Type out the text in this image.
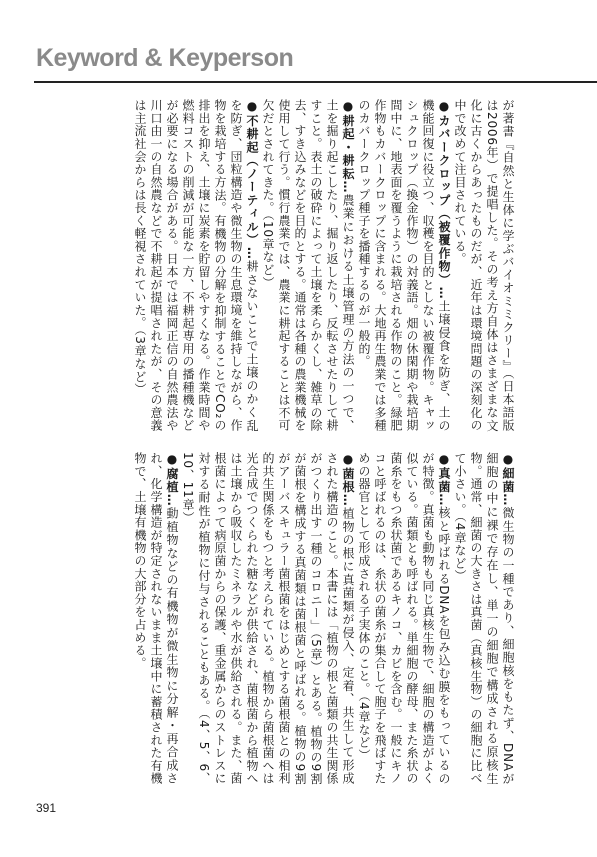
Keyword & Keyperson

が著書『自然と生体に学ぶバイオミミクリー』（日本語版は2006年）で提唱した。その考え方自体はさまざまな文化に古くからあったものだが、近年は環境問題の深刻化の中で改めて注目されている。

●カバークロップ（被覆作物）…土壌侵食を防ぎ、土の機能回復に役立つ、収穫を目的としない被覆作物。キャッシュクロップ（換金作物）の対義語。畑の休閑期や栽培期間中に、地表面を覆うように栽培される作物のこと。緑肥作物もカバークロップに含まれる。大地再生農業では多種のカバークロップ種子を播種するのが一般的。

●耕起・耕耘…農業における土壌管理の方法の一つで、土を掘り起こしたり、掘り返したり、反転させたりして耕すこと。表土の破砕によって土壌を柔らかくし、雑草の除去、すき込みなどを目的とする。通常は各種の農業機械を使用して行う。慣行農業では、農業に耕起することは不可欠だとされてきた。（10章など）

●不耕起（ノーティル）…耕さないことで土壌のかく乱を防ぎ、団粒構造や微生物の生息環境を維持しながら、作物を栽培する方法。有機物の分解を抑制することでCO₂の排出を抑え、土壌に炭素を貯留しやすくなる。作業時間や燃料コストの削減が可能な一方、不耕起専用の播種機などが必要になる場合がある。日本では福岡正信の自然農法や川口由一の自然農などで不耕起が提唱されたが、その意義は主流社会からは長く軽視されていた。（3章など）

●細菌…微生物の一種であり、細胞核をもたず、DNAが細胞の中に裸で存在し、単一の細胞で構成される原核生物。通常、細菌の大きさは真菌（真核生物）の細胞に比べて小さい。（4章など）

●真菌…核と呼ばれるDNAを包み込む膜をもっているのが特徴。真菌も動物も同じ真核生物で、細胞の構造がよく似ている。菌類とも呼ばれる。単細胞の酵母、また糸状の菌糸をもつ糸状菌であるキノコ、カビを含む。一般にキノコと呼ばれるのは、糸状の菌糸が集合して胞子を飛ばすための器官として形成される子実体のこと。（4章など）

●菌根…植物の根に真菌類が侵入、定着、共生して形成された構造のこと。本書には「植物の根と菌類の共生関係がつくり出す一種のコロニー」（5章）とある。植物の9割が菌根を構成する真菌類は菌根菌と呼ばれる。植物の9割がアーバスキュラー菌根菌をはじめとする菌根菌との相利的共生関係をもつと考えられている。植物から菌根菌へは光合成でつくられた糖などが供給され、菌根菌から植物へは土壌から吸収したミネラルや水が供給される。また、菌根菌によって病原菌からの保護、重金属からのストレスに対する耐性が植物に付与されることもある。（4、5、6、10、11章）

●腐植…動植物などの有機物が微生物に分解・再合成され、化学構造が特定されないまま土壌中に蓄積された有機物で、土壌有機物の大部分を占める。

391
